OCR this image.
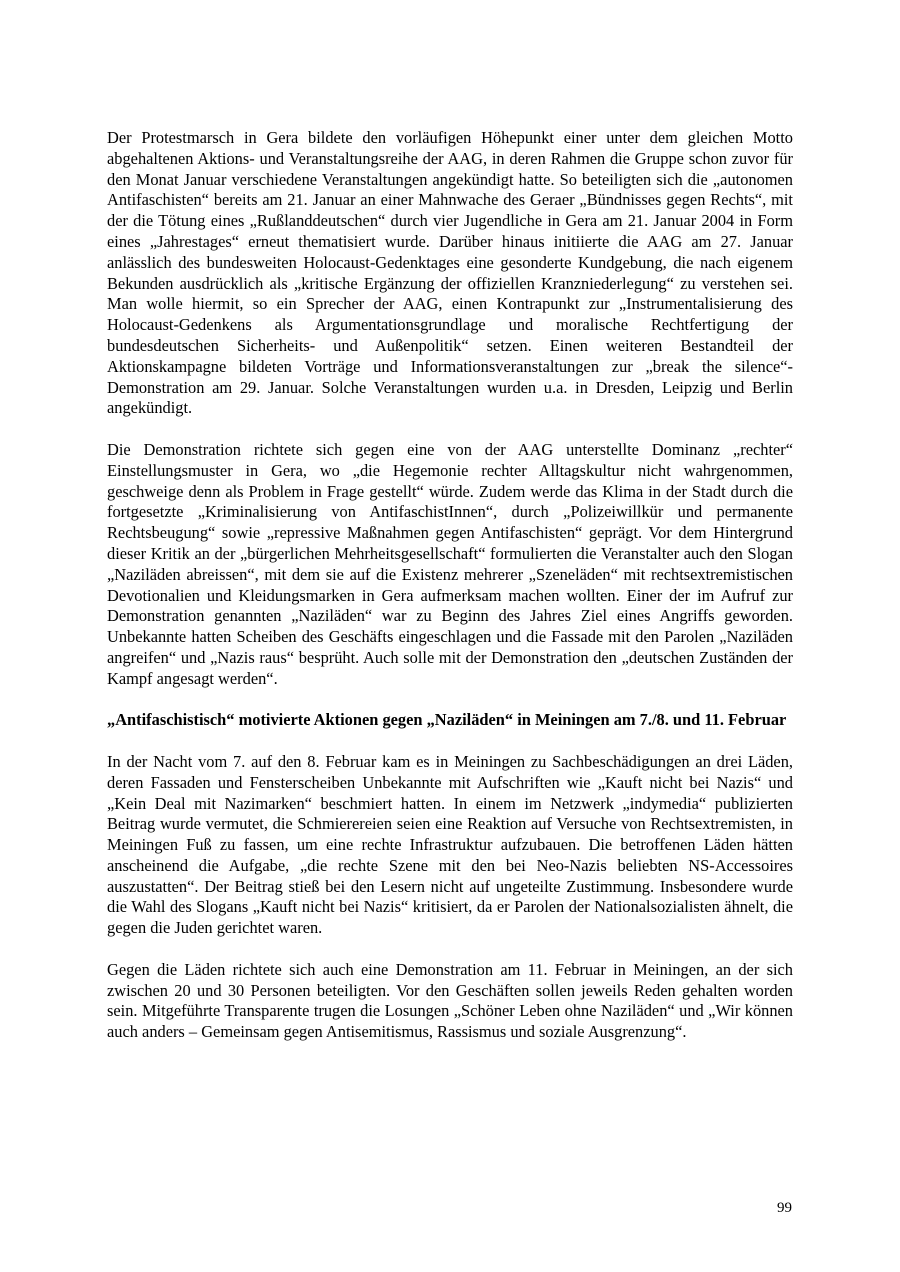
Der Protestmarsch in Gera bildete den vorläufigen Höhepunkt einer unter dem gleichen Motto abgehaltenen Aktions- und Veranstaltungsreihe der AAG, in deren Rahmen die Gruppe schon zuvor für den Monat Januar verschiedene Veranstaltungen angekündigt hatte. So beteiligten sich die „autonomen Antifaschisten“ bereits am 21. Januar an einer Mahnwache des Geraer „Bündnisses gegen Rechts“, mit der die Tötung eines „Rußlanddeutschen“ durch vier Jugendliche in Gera am 21. Januar 2004 in Form eines „Jahrestages“ erneut thematisiert wurde. Darüber hinaus initiierte die AAG am 27. Januar anlässlich des bundesweiten Holocaust-Gedenktages eine gesonderte Kundgebung, die nach eigenem Bekunden ausdrücklich als „kritische Ergänzung der offiziellen Kranzniederlegung“ zu verstehen sei. Man wolle hiermit, so ein Sprecher der AAG, einen Kontrapunkt zur „Instrumentalisierung des Holocaust-Gedenkens als Argumentationsgrundlage und moralische Rechtfertigung der bundesdeutschen Sicherheits- und Außenpolitik“ setzen. Einen weiteren Bestandteil der Aktionskampagne bildeten Vorträge und Informationsveranstaltungen zur „break the silence“-Demonstration am 29. Januar. Solche Veranstaltungen wurden u.a. in Dresden, Leipzig und Berlin angekündigt.

Die Demonstration richtete sich gegen eine von der AAG unterstellte Dominanz „rechter“ Einstellungsmuster in Gera, wo „die Hegemonie rechter Alltagskultur nicht wahrgenommen, geschweige denn als Problem in Frage gestellt“ würde. Zudem werde das Klima in der Stadt durch die fortgesetzte „Kriminalisierung von AntifaschistInnen“, durch „Polizeiwillkür und permanente Rechtsbeugung“ sowie „repressive Maßnahmen gegen Antifaschisten“ geprägt. Vor dem Hintergrund dieser Kritik an der „bürgerlichen Mehrheitsgesellschaft“ formulierten die Veranstalter auch den Slogan „Naziläden abreissen“, mit dem sie auf die Existenz mehrerer „Szeneläden“ mit rechtsextremistischen Devotionalien und Kleidungsmarken in Gera aufmerksam machen wollten. Einer der im Aufruf zur Demonstration genannten „Naziläden“ war zu Beginn des Jahres Ziel eines Angriffs geworden. Unbekannte hatten Scheiben des Geschäfts eingeschlagen und die Fassade mit den Parolen „Naziläden angreifen“ und „Nazis raus“ besprüht. Auch solle mit der Demonstration den „deutschen Zuständen der Kampf angesagt werden“.

„Antifaschistisch“ motivierte Aktionen gegen „Naziläden“ in Meiningen am 7./8. und 11. Februar

In der Nacht vom 7. auf den 8. Februar kam es in Meiningen zu Sachbeschädigungen an drei Läden, deren Fassaden und Fensterscheiben Unbekannte mit Aufschriften wie „Kauft nicht bei Nazis“ und „Kein Deal mit Nazimarken“ beschmiert hatten. In einem im Netzwerk „indymedia“ publizierten Beitrag wurde vermutet, die Schmierereien seien eine Reaktion auf Versuche von Rechtsextremisten, in Meiningen Fuß zu fassen, um eine rechte Infrastruktur aufzubauen. Die betroffenen Läden hätten anscheinend die Aufgabe, „die rechte Szene mit den bei Neo-Nazis beliebten NS-Accessoires auszustatten“. Der Beitrag stieß bei den Lesern nicht auf ungeteilte Zustimmung. Insbesondere wurde die Wahl des Slogans „Kauft nicht bei Nazis“ kritisiert, da er Parolen der Nationalsozialisten ähnelt, die gegen die Juden gerichtet waren.

Gegen die Läden richtete sich auch eine Demonstration am 11. Februar in Meiningen, an der sich zwischen 20 und 30 Personen beteiligten. Vor den Geschäften sollen jeweils Reden gehalten worden sein. Mitgeführte Transparente trugen die Losungen „Schöner Leben ohne Naziläden“ und „Wir können auch anders – Gemeinsam gegen Antisemitismus, Rassismus und soziale Ausgrenzung“.

99
